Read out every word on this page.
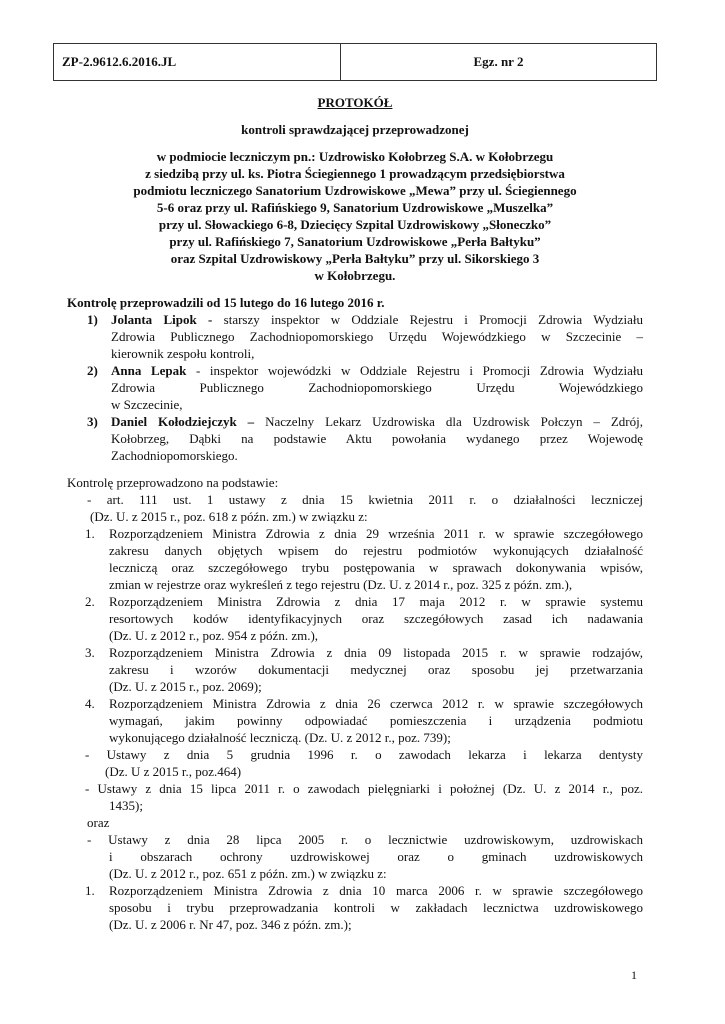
ZP-2.9612.6.2016.JL	Egz. nr 2
PROTOKÓŁ
kontroli sprawdzającej przeprowadzonej
w podmiocie leczniczym pn.: Uzdrowisko Kołobrzeg S.A. w Kołobrzegu
z siedzibą przy ul. ks. Piotra Ściegiennego 1 prowadzącym przedsiębiorstwa
podmiotu leczniczego Sanatorium Uzdrowiskowe „Mewa” przy ul. Ściegiennego
5-6 oraz przy ul. Rafińskiego 9, Sanatorium Uzdrowiskowe „Muszelka”
przy ul. Słowackiego 6-8, Dziecięcy Szpital Uzdrowiskowy „Słoneczko”
przy ul. Rafińskiego 7, Sanatorium Uzdrowiskowe „Perła Bałtyku”
oraz Szpital Uzdrowiskowy „Perła Bałtyku” przy ul. Sikorskiego 3
w Kołobrzegu.
Kontrolę przeprowadzili od 15 lutego do 16 lutego 2016 r.
1) Jolanta Lipok - starszy inspektor w Oddziale Rejestru i Promocji Zdrowia Wydziału
Zdrowia Publicznego Zachodniopomorskiego Urzędu Wojewódzkiego w Szczecinie –
kierownik zespołu kontroli,
2) Anna Lepak - inspektor wojewódzki w Oddziale Rejestru i Promocji Zdrowia Wydziału
Zdrowia Publicznego Zachodniopomorskiego Urzędu Wojewódzkiego
w Szczecinie,
3) Daniel Kołodziejczyk – Naczelny Lekarz Uzdrowiska dla Uzdrowisk Połczyn – Zdrój,
Kołobrzeg, Dąbki na podstawie Aktu powołania wydanego przez Wojewodę
Zachodniopomorskiego.
Kontrolę przeprowadzono na podstawie:
- art. 111 ust. 1 ustawy z dnia 15 kwietnia 2011 r. o działalności leczniczej
(Dz. U. z 2015 r., poz. 618 z późn. zm.) w związku z:
1. Rozporządzeniem Ministra Zdrowia z dnia 29 września 2011 r. w sprawie szczegółowego
zakresu danych objętych wpisem do rejestru podmiotów wykonujących działalność
leczniczą oraz szczegółowego trybu postępowania w sprawach dokonywania wpisów,
zmian w rejestrze oraz wykreśleń z tego rejestru (Dz. U. z 2014 r., poz. 325 z późn. zm.),
2. Rozporządzeniem Ministra Zdrowia z dnia 17 maja 2012 r. w sprawie systemu
resortowych kodów identyfikacyjnych oraz szczegółowych zasad ich nadawania
(Dz. U. z 2012 r., poz. 954 z późn. zm.),
3. Rozporządzeniem Ministra Zdrowia z dnia 09 listopada 2015 r. w sprawie rodzajów,
zakresu i wzorów dokumentacji medycznej oraz sposobu jej przetwarzania
(Dz. U. z 2015 r., poz. 2069);
4. Rozporządzeniem Ministra Zdrowia z dnia 26 czerwca 2012 r. w sprawie szczegółowych
wymagań, jakim powinny odpowiadać pomieszczenia i urządzenia podmiotu
wykonującego działalność leczniczą. (Dz. U. z 2012 r., poz. 739);
- Ustawy z dnia 5 grudnia 1996 r. o zawodach lekarza i lekarza dentysty
(Dz. U z 2015 r., poz.464)
- Ustawy z dnia 15 lipca 2011 r. o zawodach pielęgniarki i położnej (Dz. U. z 2014 r., poz.
1435);
oraz
- Ustawy z dnia 28 lipca 2005 r. o lecznictwie uzdrowiskowym, uzdrowiskach
i obszarach ochrony uzdrowiskowej oraz o gminach uzdrowiskowych
(Dz. U. z 2012 r., poz. 651 z późn. zm.) w związku z:
1. Rozporządzeniem Ministra Zdrowia z dnia 10 marca 2006 r. w sprawie szczegółowego
sposobu i trybu przeprowadzania kontroli w zakładach lecznictwa uzdrowiskowego
(Dz. U. z 2006 r. Nr 47, poz. 346 z późn. zm.);
1
